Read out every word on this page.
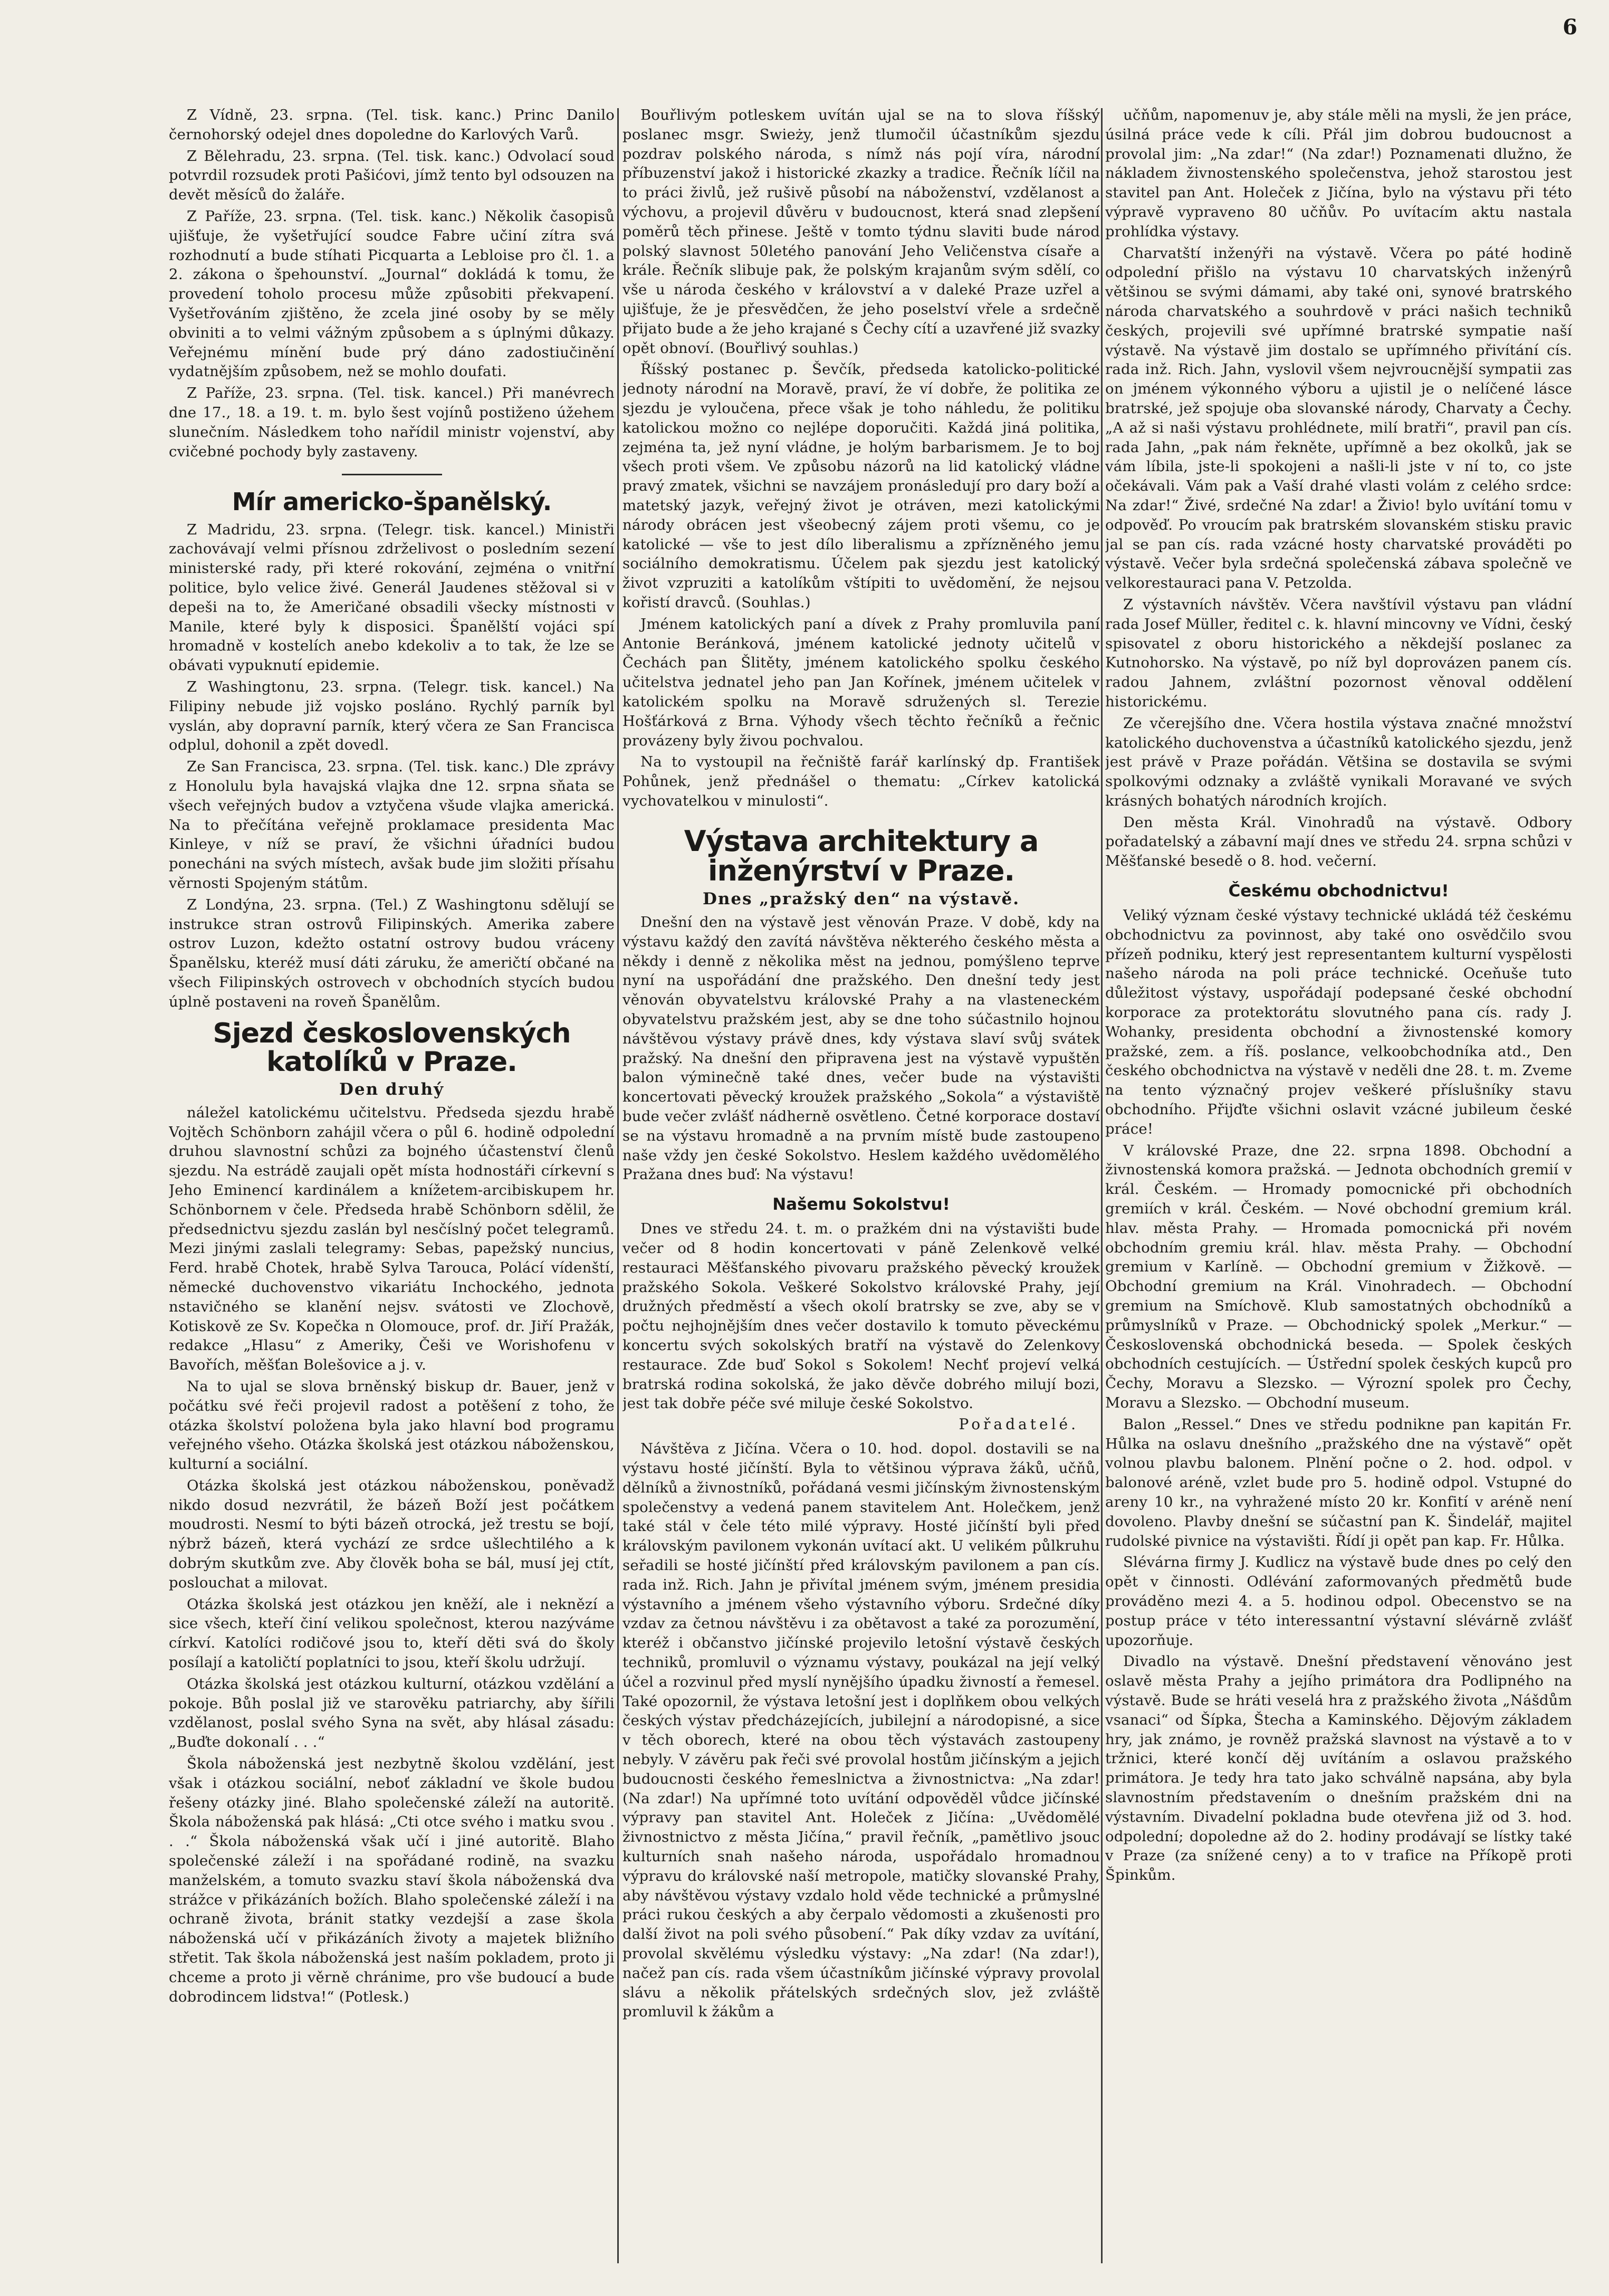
6

Z Vídně, 23. srpna. (Tel. tisk. kanc.) Princ Danilo černohorský odejel dnes dopoledne do Karlových Varů.

Z Bělehradu, 23. srpna. (Tel. tisk. kanc.) Odvolací soud potvrdil rozsudek proti Pašićovi, jímž tento byl odsouzen na devět měsíců do žaláře.

Z Paříže, 23. srpna. (Tel. tisk. kanc.) Několik časopisů ujišťuje, že vyšetřující soudce Fabre učiní zítra svá rozhodnutí a bude stíhati Picquarta a Lebloise pro čl. 1. a 2. zákona o špehounství. „Journal“ dokládá k tomu, že provedení toholo procesu může způsobiti překvapení. Vyšetřováním zjištěno, že zcela jiné osoby by se měly obviniti a to velmi vážným způsobem a s úplnými důkazy. Veřejnému mínění bude prý dáno zadostiučinění vydatnějším způsobem, než se mohlo doufati.

Z Paříže, 23. srpna. (Tel. tisk. kancel.) Při manévrech dne 17., 18. a 19. t. m. bylo šest vojínů postiženo úžehem slunečním. Následkem toho nařídil ministr vojenství, aby cvičebné pochody byly zastaveny.

Mír americko-španělský.

Z Madridu, 23. srpna. (Telegr. tisk. kancel.) Ministři zachovávají velmi přísnou zdrželivost o posledním sezení ministerské rady, při které rokování, zejména o vnitřní politice, bylo velice živé. Generál Jaudenes stěžoval si v depeši na to, že Američané obsadili všecky místnosti v Manile, které byly k disposici. Španělští vojáci spí hromadně v kostelích anebo kdekoliv a to tak, že lze se obávati vypuknutí epidemie.

Z Washingtonu, 23. srpna. (Telegr. tisk. kancel.) Na Filipiny nebude již vojsko posláno. Rychlý parník byl vyslán, aby dopravní parník, který včera ze San Francisca odplul, dohonil a zpět dovedl.

Ze San Francisca, 23. srpna. (Tel. tisk. kanc.) Dle zprávy z Honolulu byla havajská vlajka dne 12. srpna sňata se všech veřejných budov a vztyčena všude vlajka americká. Na to přečítána veřejně proklamace presidenta Mac Kinleye, v níž se praví, že všichni úřadníci budou ponecháni na svých místech, avšak bude jim složiti přísahu věrnosti Spojeným státům.

Z Londýna, 23. srpna. (Tel.) Z Washingtonu sdělují se instrukce stran ostrovů Filipinských. Amerika zabere ostrov Luzon, kdežto ostatní ostrovy budou vráceny Španělsku, kteréž musí dáti záruku, že američtí občané na všech Filipinských ostrovech v obchodních stycích budou úplně postaveni na roveň Španělům.

Sjezd československých katolíků v Praze.
Den druhý

náležel katolickému učitelstvu. Předseda sjezdu hrabě Vojtěch Schönborn zahájil včera o půl 6. hodině odpolední druhou slavnostní schůzi za bojného účastenství členů sjezdu. Na estrádě zaujali opět místa hodnostáři církevní s Jeho Eminencí kardinálem a knížetem-arcibiskupem hr. Schönbornem v čele. Předseda hrabě Schönborn sdělil, že předsednictvu sjezdu zaslán byl nesčíslný počet telegramů. Mezi jinými zaslali telegramy: Sebas, papežský nuncius, Ferd. hrabě Chotek, hrabě Sylva Tarouca, Polácí vídenští, německé duchovenstvo vikariátu Inchockého, jednota nstavičného se klanění nejsv. svátosti ve Zlochově, Kotiskově ze Sv. Kopečka n Olomouce, prof. dr. Jiří Pražák, redakce „Hlasu“ z Ameriky, Češi ve Worishofenu v Bavořích, měšťan Bolešovice a j. v.

Na to ujal se slova brněnský biskup dr. Bauer, jenž v počátku své řeči projevil radost a potěšení z toho, že otázka školství položena byla jako hlavní bod programu veřejného všeho. Otázka školská jest otázkou náboženskou, kulturní a sociální.

Otázka školská jest otázkou náboženskou, poněvadž nikdo dosud nezvrátil, že bázeň Boží jest počátkem moudrosti. Nesmí to býti bázeň otrocká, jež trestu se bojí, nýbrž bázeň, která vychází ze srdce ušlechtilého a k dobrým skutkům zve. Aby člověk boha se bál, musí jej ctít, poslouchat a milovat.

Otázka školská jest otázkou jen kněží, ale i neknězí a sice všech, kteří činí velikou společnost, kterou nazýváme církví. Katolíci rodičové jsou to, kteří děti svá do školy posílají a katoličtí poplatníci to jsou, kteří školu udržují.

Otázka školská jest otázkou kulturní, otázkou vzdělání a pokoje. Bůh poslal již ve starověku patriarchy, aby šířili vzdělanost, poslal svého Syna na svět, aby hlásal zásadu: „Buďte dokonalí . . .“

Škola náboženská jest nezbytně školou vzdělání, jest však i otázkou sociální, neboť základní ve škole budou řešeny otázky jiné. Blaho společenské záleží na autoritě. Škola náboženská pak hlásá: „Cti otce svého i matku svou . . .“ Škola náboženská však učí i jiné autoritě. Blaho společenské záleží i na spořádané rodině, na svazku manželském, a tomuto svazku staví škola náboženská dva strážce v přikázáních božích. Blaho společenské záleží i na ochraně života, bránit statky vezdejší a zase škola náboženská učí v přikázáních životy a majetek bližního střetit. Tak škola náboženská jest naším pokladem, proto ji chceme a proto ji věrně chránime, pro vše budoucí a bude dobrodincem lidstva!“ (Potlesk.)

Bouřlivým potleskem uvítán ujal se na to slova říšský poslanec msgr. Swieży, jenž tlumočil účastníkům sjezdu pozdrav polského národa, s nímž nás pojí víra, národní příbuzenství jakož i historické zkazky a tradice. Řečník líčil na to práci živlů, jež rušivě působí na náboženství, vzdělanost a výchovu, a projevil důvěru v budoucnost, která snad zlepšení poměrů těch přinese. Ještě v tomto týdnu slaviti bude národ polský slavnost 50letého panování Jeho Veličenstva císaře a krále. Řečník slibuje pak, že polským krajanům svým sdělí, co vše u národa českého v království a v daleké Praze uzřel a ujišťuje, že je přesvědčen, že jeho poselství vřele a srdečně přijato bude a že jeho krajané s Čechy cítí a uzavřené již svazky opět obnoví. (Bouřlivý souhlas.)

Říšský postanec p. Ševčík, předseda katolicko-politické jednoty národní na Moravě, praví, že ví dobře, že politika ze sjezdu je vyloučena, přece však je toho náhledu, že politiku katolickou možno co nejlépe doporučiti. Každá jiná politika, zejména ta, jež nyní vládne, je holým barbarismem. Je to boj všech proti všem. Ve způsobu názorů na lid katolický vládne pravý zmatek, všichni se navzájem pronásledují pro dary boží a matetský jazyk, veřejný život je otráven, mezi katolickými národy obrácen jest všeobecný zájem proti všemu, co je katolické — vše to jest dílo liberalismu a zpřízněného jemu sociálního demokratismu. Účelem pak sjezdu jest katolický život vzpruziti a katolíkům vštípiti to uvědomění, že nejsou kořistí dravců. (Souhlas.)

Jménem katolických paní a dívek z Prahy promluvila paní Antonie Beránková, jménem katolické jednoty učitelů v Čechách pan Šlitěty, jménem katolického spolku českého učitelstva jednatel jeho pan Jan Kořínek, jménem učitelek v katolickém spolku na Moravě sdružených sl. Terezie Hošťárková z Brna. Výhody všech těchto řečníků a řečnic provázeny byly živou pochvalou.

Na to vystoupil na řečniště farář karlínský dp. František Pohůnek, jenž přednášel o thematu: „Církev katolická vychovatelkou v minulosti“.

Výstava architektury a inženýrství v Praze.
Dnes „pražský den“ na výstavě.

Dnešní den na výstavě jest věnován Praze. V době, kdy na výstavu každý den zavítá návštěva některého českého města a někdy i denně z několika měst na jednou, pomýšleno teprve nyní na uspořádání dne pražského. Den dnešní tedy jest věnován obyvatelstvu královské Prahy a na vlasteneckém obyvatelstvu pražském jest, aby se dne toho súčastnilo hojnou návštěvou výstavy právě dnes, kdy výstava slaví svůj svátek pražský. Na dnešní den připravena jest na výstavě vypuštěn balon výminečně také dnes, večer bude na výstavišti koncertovati pěvecký kroužek pražského „Sokola“ a výstaviště bude večer zvlášť nádherně osvětleno. Četné korporace dostaví se na výstavu hromadně a na prvním místě bude zastoupeno naše vždy jen české Sokolstvo. Heslem každého uvědomělého Pražana dnes buď: Na výstavu!

Našemu Sokolstvu!

Dnes ve středu 24. t. m. o pražkém dni na výstavišti bude večer od 8 hodin koncertovati v páně Zelenkově velké restauraci Měšťanského pivovaru pražského pěvecký kroužek pražského Sokola. Veškeré Sokolstvo královské Prahy, její družných předměstí a všech okolí bratrsky se zve, aby se v počtu nejhojnějším dnes večer dostavilo k tomuto pěveckému koncertu svých sokolských bratří na výstavě do Zelenkovy restaurace. Zde buď Sokol s Sokolem! Nechť projeví velká bratrská rodina sokolská, že jako děvče dobrého milují bozi, jest tak dobře péče své miluje české Sokolstvo.

Pořadatelé.

Návštěva z Jičína. Včera o 10. hod. dopol. dostavili se na výstavu hosté jičínští. Byla to většinou výprava žáků, učňů, dělníků a živnostníků, pořádaná vesmi jičínským živnostenským společenstvy a vedená panem stavitelem Ant. Holečkem, jenž také stál v čele této milé výpravy. Hosté jičínští byli před královským pavilonem vykonán uvítací akt. U velikém půlkruhu seřadili se hosté jičínští před královským pavilonem a pan cís. rada inž. Rich. Jahn je přivítal jménem svým, jménem presidia výstavního a jménem všeho výstavního výboru. Srdečné díky vzdav za četnou návštěvu i za obětavost a také za porozumění, kteréž i občanstvo jičínské projevilo letošní výstavě českých techniků, promluvil o významu výstavy, poukázal na její velký účel a rozvinul před myslí nynějšího úpadku živností a řemesel. Také opozornil, že výstava letošní jest i doplňkem obou velkých českých výstav předcházejících, jubilejní a národopisné, a sice v těch oborech, které na obou těch výstavách zastoupeny nebyly. V závěru pak řeči své provolal hostům jičínským a jejich budoucnosti českého řemeslnictva a živnostnictva: „Na zdar! (Na zdar!) Na upřímné toto uvítání odpověděl vůdce jičínské výpravy pan stavitel Ant. Holeček z Jičína: „Uvědomělé živnostnictvo z města Jičína,“ pravil řečník, „pamětlivo jsouc kulturních snah našeho národa, uspořádalo hromadnou výpravu do královské naší metropole, matičky slovanské Prahy, aby návštěvou výstavy vzdalo hold věde technické a průmyslné práci rukou českých a aby čerpalo vědomosti a zkušenosti pro další život na poli svého působení.“ Pak díky vzdav za uvítání, provolal skvělému výsledku výstavy: „Na zdar! (Na zdar!), načež pan cís. rada všem účastníkům jičínské výpravy provolal slávu a několik přátelských srdečných slov, jež zvláště promluvil k žákům a

učňům, napomenuv je, aby stále měli na mysli, že jen práce, úsilná práce vede k cíli. Přál jim dobrou budoucnost a provolal jim: „Na zdar!“ (Na zdar!) Poznamenati dlužno, že nákladem živnostenského společenstva, jehož starostou jest stavitel pan Ant. Holeček z Jičína, bylo na výstavu při této výpravě vypraveno 80 učňův. Po uvítacím aktu nastala prohlídka výstavy.

Charvatští inženýři na výstavě. Včera po páté hodině odpolední přišlo na výstavu 10 charvatských inženýrů většinou se svými dámami, aby také oni, synové bratrského národa charvatského a souhrdově v práci našich techniků českých, projevili své upřímné bratrské sympatie naší výstavě. Na výstavě jim dostalo se upřímného přivítání cís. rada inž. Rich. Jahn, vyslovil všem nejvroucnější sympatii zas on jménem výkonného výboru a ujistil je o nelíčené lásce bratrské, jež spojuje oba slovanské národy, Charvaty a Čechy. „A až si naši výstavu prohlédnete, milí bratři“, pravil pan cís. rada Jahn, „pak nám řekněte, upřímně a bez okolků, jak se vám líbila, jste-li spokojeni a našli-li jste v ní to, co jste očekávali. Vám pak a Vaší drahé vlasti volám z celého srdce: Na zdar!“ Živé, srdečné Na zdar! a Živio! bylo uvítání tomu v odpověď. Po vroucím pak bratrském slovanském stisku pravic jal se pan cís. rada vzácné hosty charvatské prováděti po výstavě. Večer byla srdečná společenská zábava společně ve velkorestauraci pana V. Petzolda.

Z výstavních návštěv. Včera navštívil výstavu pan vládní rada Josef Müller, ředitel c. k. hlavní mincovny ve Vídni, český spisovatel z oboru historického a někdejší poslanec za Kutnohorsko. Na výstavě, po níž byl doprovázen panem cís. radou Jahnem, zvláštní pozornost věnoval oddělení historickému.

Ze včerejšího dne. Včera hostila výstava značné množství katolického duchovenstva a účastníků katolického sjezdu, jenž jest právě v Praze pořádán. Většina se dostavila se svými spolkovými odznaky a zvláště vynikali Moravané ve svých krásných bohatých národních krojích.

Den města Král. Vinohradů na výstavě. Odbory pořadatelský a zábavní mají dnes ve středu 24. srpna schůzi v Měšťanské besedě o 8. hod. večerní.

Českému obchodnictvu!

Veliký význam české výstavy technické ukládá též českému obchodnictvu za povinnost, aby také ono osvědčilo svou přízeň podniku, který jest representantem kulturní vyspělosti našeho národa na poli práce technické. Oceňuše tuto důležitost výstavy, uspořádají podepsané české obchodní korporace za protektorátu slovutného pana cís. rady J. Wohanky, presidenta obchodní a živnostenské komory pražské, zem. a říš. poslance, velkoobchodníka atd., Den českého obchodnictva na výstavě v neděli dne 28. t. m. Zveme na tento význačný projev veškeré příslušníky stavu obchodního. Přijďte všichni oslavit vzácné jubileum české práce!

V královské Praze, dne 22. srpna 1898. Obchodní a živnostenská komora pražská. — Jednota obchodních gremií v král. Českém. — Hromady pomocnické při obchodních gremiích v král. Českém. — Nové obchodní gremium král. hlav. města Prahy. — Hromada pomocnická při novém obchodním gremiu král. hlav. města Prahy. — Obchodní gremium v Karlíně. — Obchodní gremium v Žižkově. — Obchodní gremium na Král. Vinohradech. — Obchodní gremium na Smíchově. Klub samostatných obchodníků a průmyslníků v Praze. — Obchodnický spolek „Merkur.“ — Československá obchodnická beseda. — Spolek českých obchodních cestujících. — Ústřední spolek českých kupců pro Čechy, Moravu a Slezsko. — Výrozní spolek pro Čechy, Moravu a Slezsko. — Obchodní museum.

Balon „Ressel.“ Dnes ve středu podnikne pan kapitán Fr. Hůlka na oslavu dnešního „pražského dne na výstavě“ opět volnou plavbu balonem. Plnění počne o 2. hod. odpol. v balonové aréně, vzlet bude pro 5. hodině odpol. Vstupné do areny 10 kr., na vyhražené místo 20 kr. Konfití v aréně není dovoleno. Plavby dnešní se súčastní pan K. Šindelář, majitel rudolské pivnice na výstavišti. Řídí ji opět pan kap. Fr. Hůlka.

Slévárna firmy J. Kudlicz na výstavě bude dnes po celý den opět v činnosti. Odlévání zaformovaných předmětů bude prováděno mezi 4. a 5. hodinou odpol. Obecenstvo se na postup práce v této interessantní výstavní slévárně zvlášť upozorňuje.

Divadlo na výstavě. Dnešní představení věnováno jest oslavě města Prahy a jejího primátora dra Podlipného na výstavě. Bude se hráti veselá hra z pražského života „Nášdům vsanaci“ od Šípka, Štecha a Kaminského. Dějovým základem hry, jak známo, je rovněž pražská slavnost na výstavě a to v tržnici, které končí děj uvítáním a oslavou pražského primátora. Je tedy hra tato jako schválně napsána, aby byla slavnostním představením o dnešním pražském dni na výstavním. Divadelní pokladna bude otevřena již od 3. hod. odpolední; dopoledne až do 2. hodiny prodávají se lístky také v Praze (za snížené ceny) a to v trafice na Příkopě proti Špinkům.
